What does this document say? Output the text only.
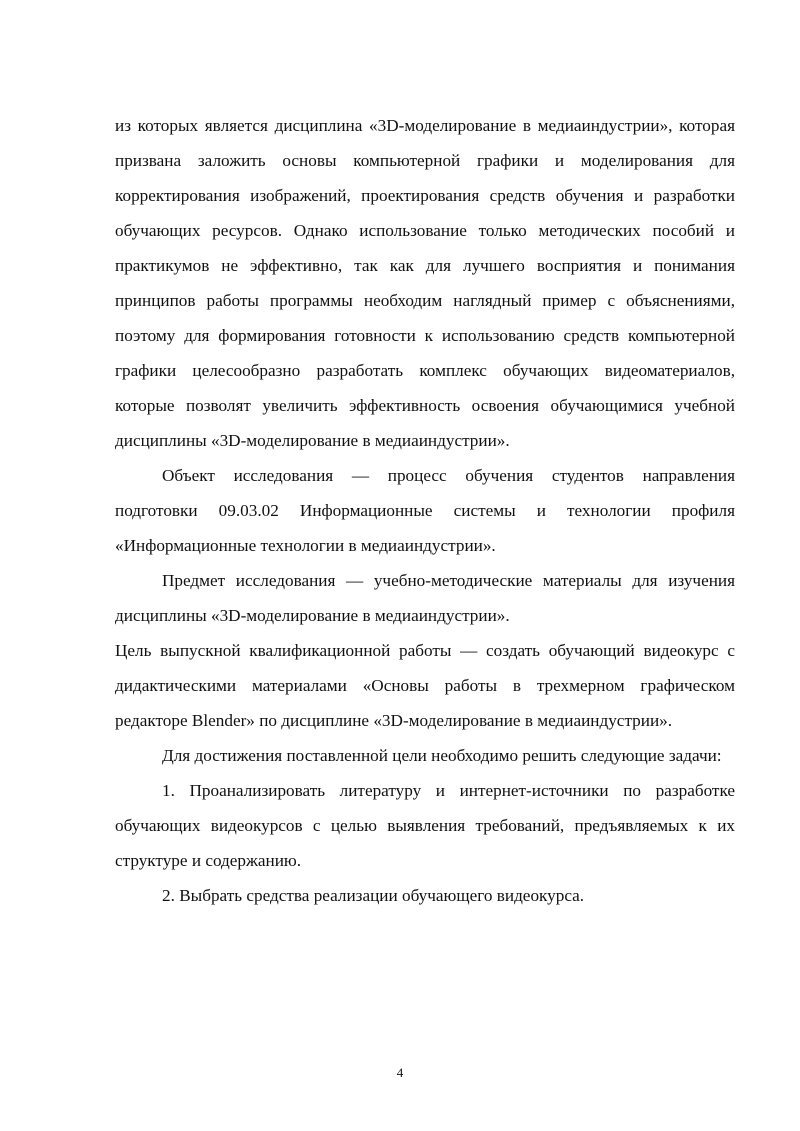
из которых является дисциплина «3D-моделирование в медиаиндустрии», которая призвана заложить основы компьютерной графики и моделирования для корректирования изображений, проектирования средств обучения и разработки обучающих ресурсов. Однако использование только методических пособий и практикумов не эффективно, так как для лучшего восприятия и понимания принципов работы программы необходим наглядный пример с объяснениями, поэтому для формирования готовности к использованию средств компьютерной графики целесообразно разработать комплекс обучающих видеоматериалов, которые позволят увеличить эффективность освоения обучающимися учебной дисциплины «3D-моделирование в медиаиндустрии».

Объект исследования — процесс обучения студентов направления подготовки 09.03.02 Информационные системы и технологии профиля «Информационные технологии в медиаиндустрии».

Предмет исследования — учебно-методические материалы для изучения дисциплины «3D-моделирование в медиаиндустрии».

Цель выпускной квалификационной работы — создать обучающий видеокурс с дидактическими материалами «Основы работы в трехмерном графическом редакторе Blender» по дисциплине «3D-моделирование в медиаиндустрии».

Для достижения поставленной цели необходимо решить следующие задачи:

1. Проанализировать литературу и интернет-источники по разработке обучающих видеокурсов с целью выявления требований, предъявляемых к их структуре и содержанию.

2. Выбрать средства реализации обучающего видеокурса.

4
